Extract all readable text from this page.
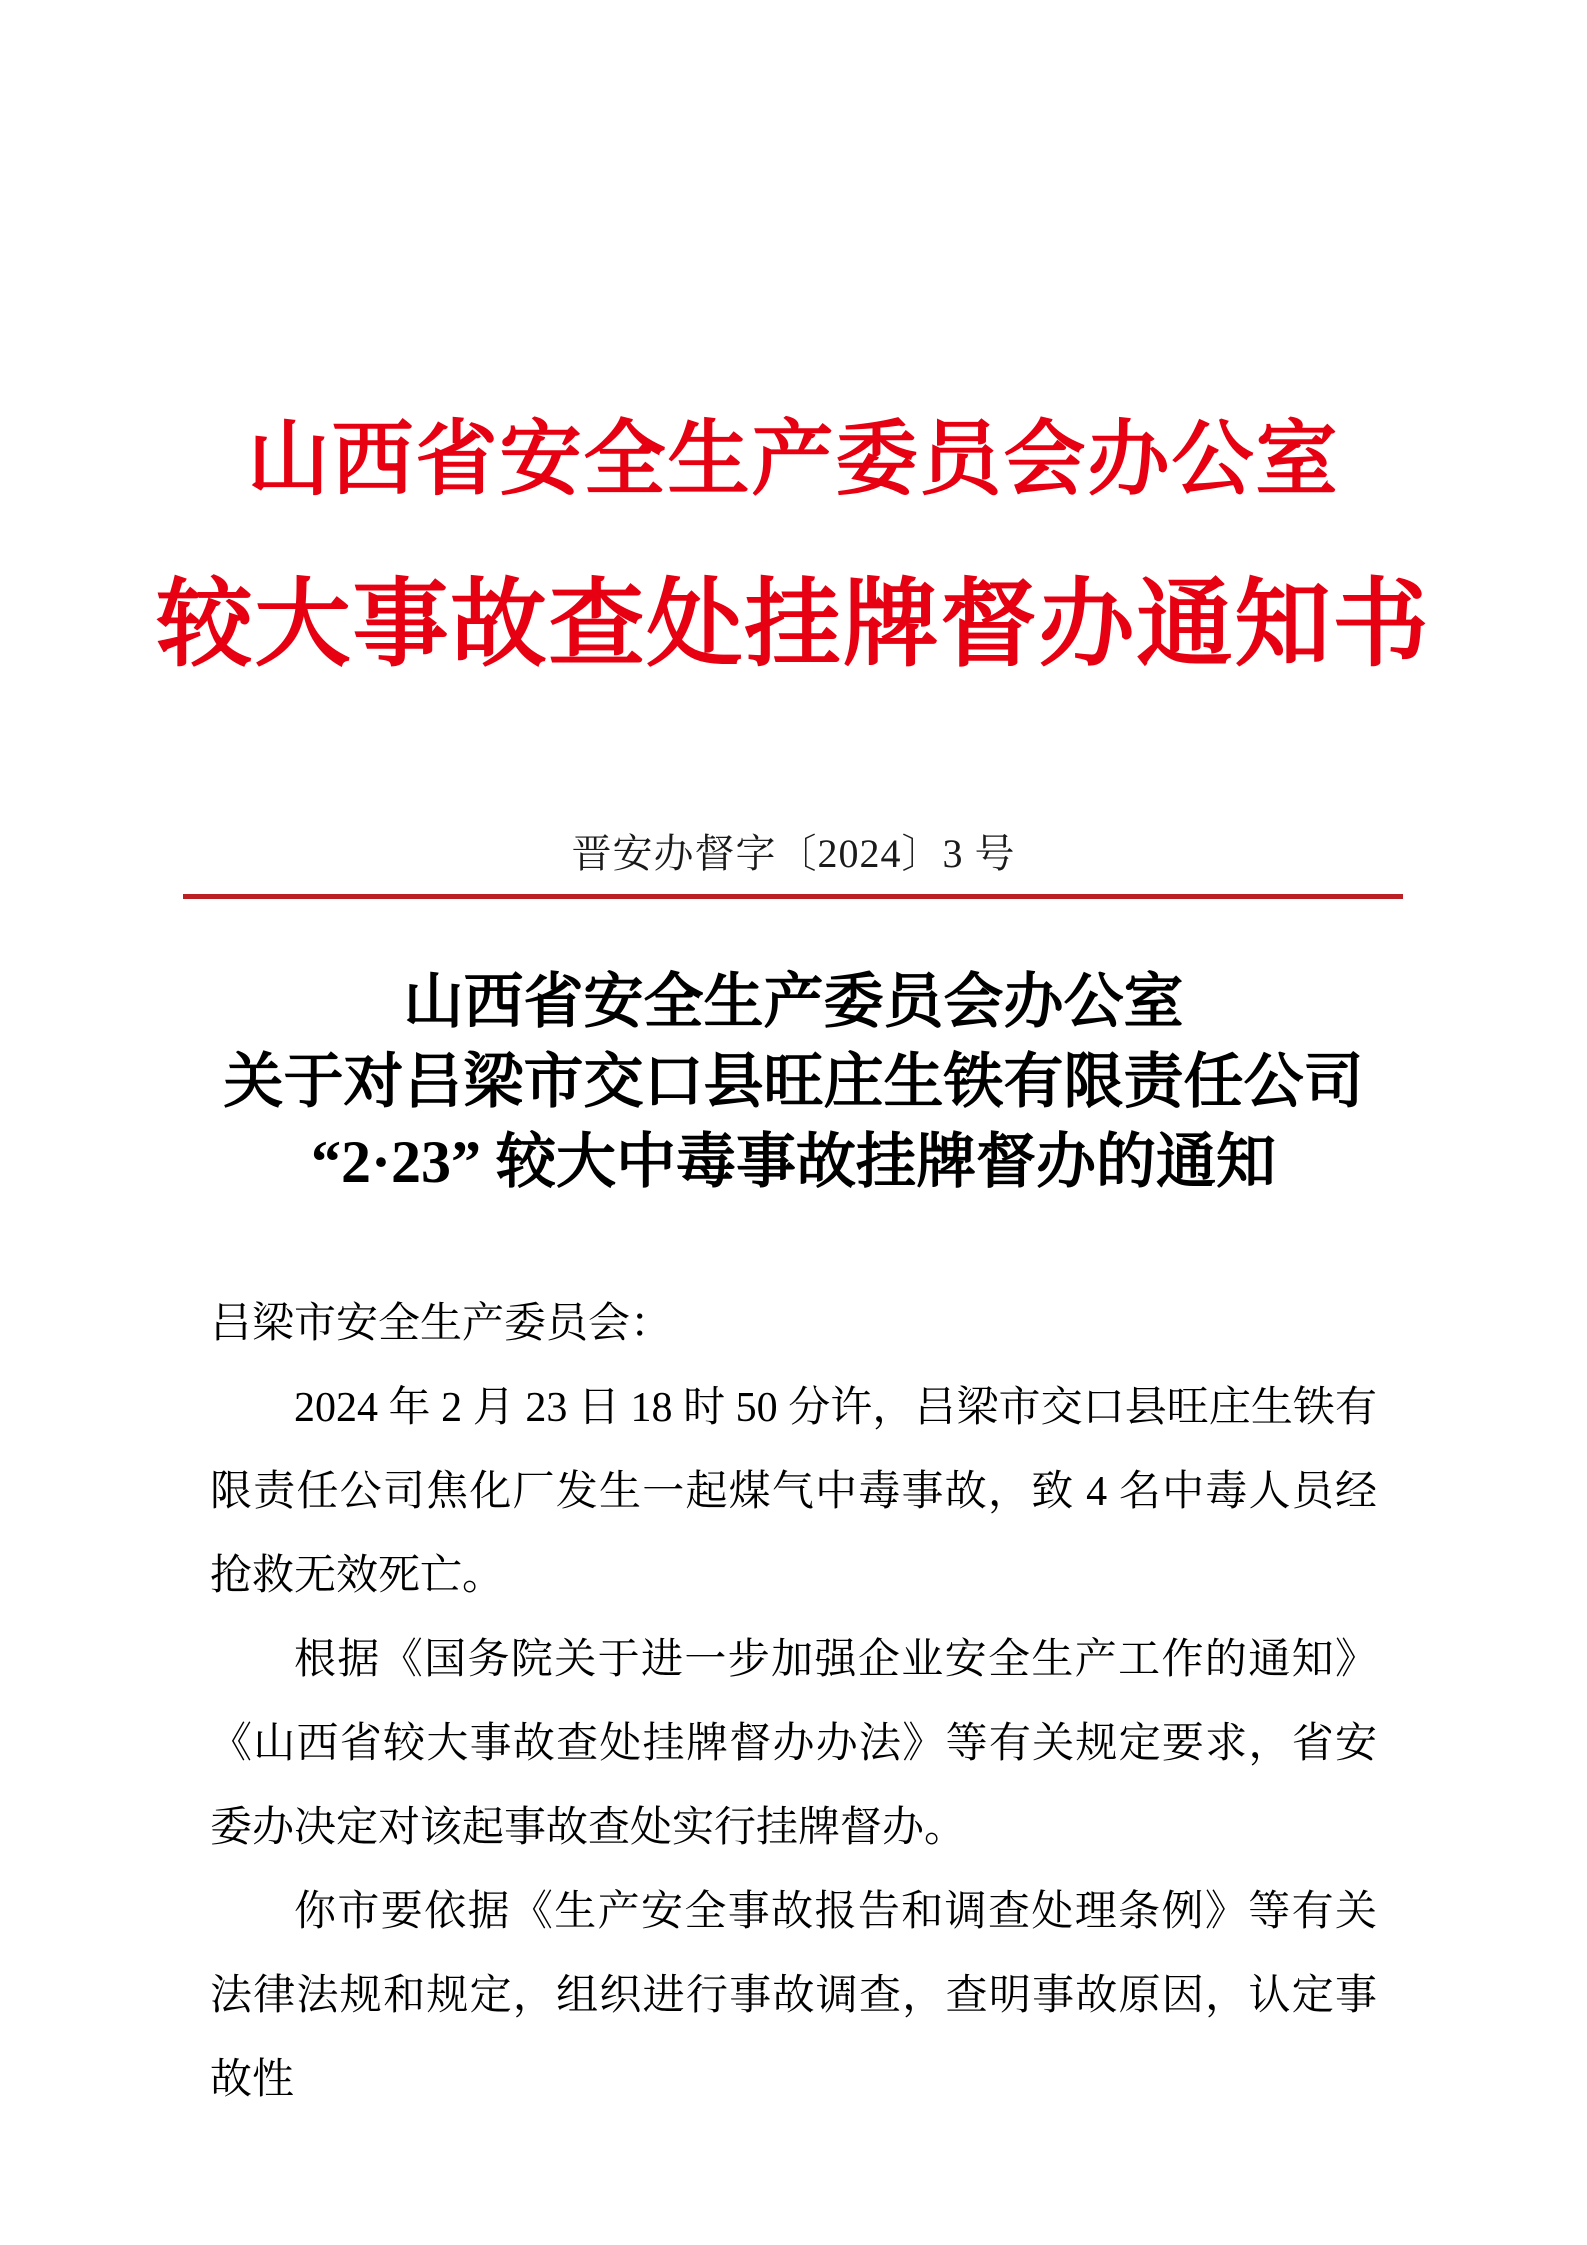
山西省安全生产委员会办公室
较大事故查处挂牌督办通知书
晋安办督字〔2024〕3 号
山西省安全生产委员会办公室
关于对吕梁市交口县旺庄生铁有限责任公司
“2·23” 较大中毒事故挂牌督办的通知

吕梁市安全生产委员会：

2024 年 2 月 23 日 18 时 50 分许，吕梁市交口县旺庄生铁有限责任公司焦化厂发生一起煤气中毒事故，致 4 名中毒人员经抢救无效死亡。

根据《国务院关于进一步加强企业安全生产工作的通知》《山西省较大事故查处挂牌督办办法》等有关规定要求，省安委办决定对该起事故查处实行挂牌督办。

你市要依据《生产安全事故报告和调查处理条例》等有关法律法规和规定，组织进行事故调查，查明事故原因，认定事故性
